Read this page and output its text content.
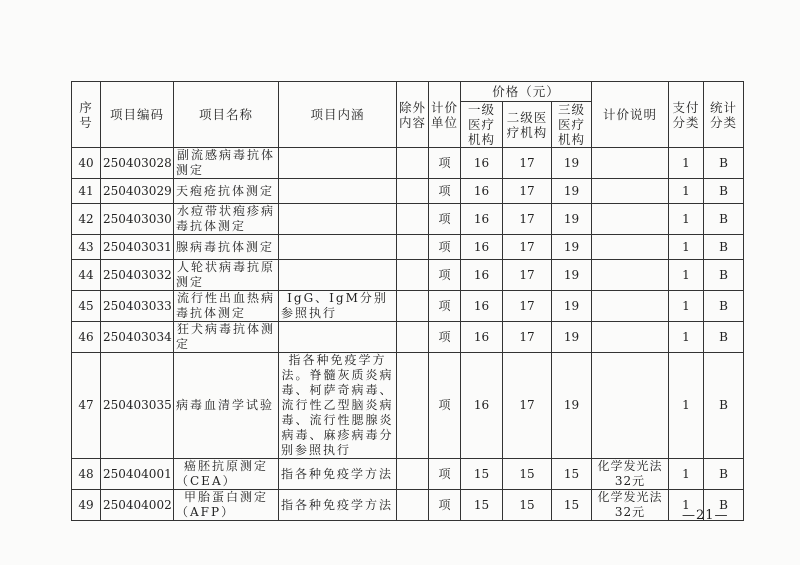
序号	项目编码	项目名称	项目内涵	除外内容	计价单位	价格（元）			计价说明	支付分类	统计分类
						一级医疗机构	二级医疗机构	三级医疗机构			
40	250403028	副流感病毒抗体测定			项	16	17	19		1	B
41	250403029	天疱疮抗体测定			项	16	17	19		1	B
42	250403030	水痘带状疱疹病毒抗体测定			项	16	17	19		1	B
43	250403031	腺病毒抗体测定			项	16	17	19		1	B
44	250403032	人轮状病毒抗原测定			项	16	17	19		1	B
45	250403033	流行性出血热病毒抗体测定	IgG、IgM分别参照执行		项	16	17	19		1	B
46	250403034	狂犬病毒抗体测定			项	16	17	19		1	B
47	250403035	病毒血清学试验	指各种免疫学方法。脊髓灰质炎病毒、柯萨奇病毒、流行性乙型脑炎病毒、流行性腮腺炎病毒、麻疹病毒分别参照执行		项	16	17	19		1	B
48	250404001	癌胚抗原测定（CEA）	指各种免疫学方法		项	15	15	15	化学发光法32元	1	B
49	250404002	甲胎蛋白测定（AFP）	指各种免疫学方法		项	15	15	15	化学发光法32元	1	B
—21—
